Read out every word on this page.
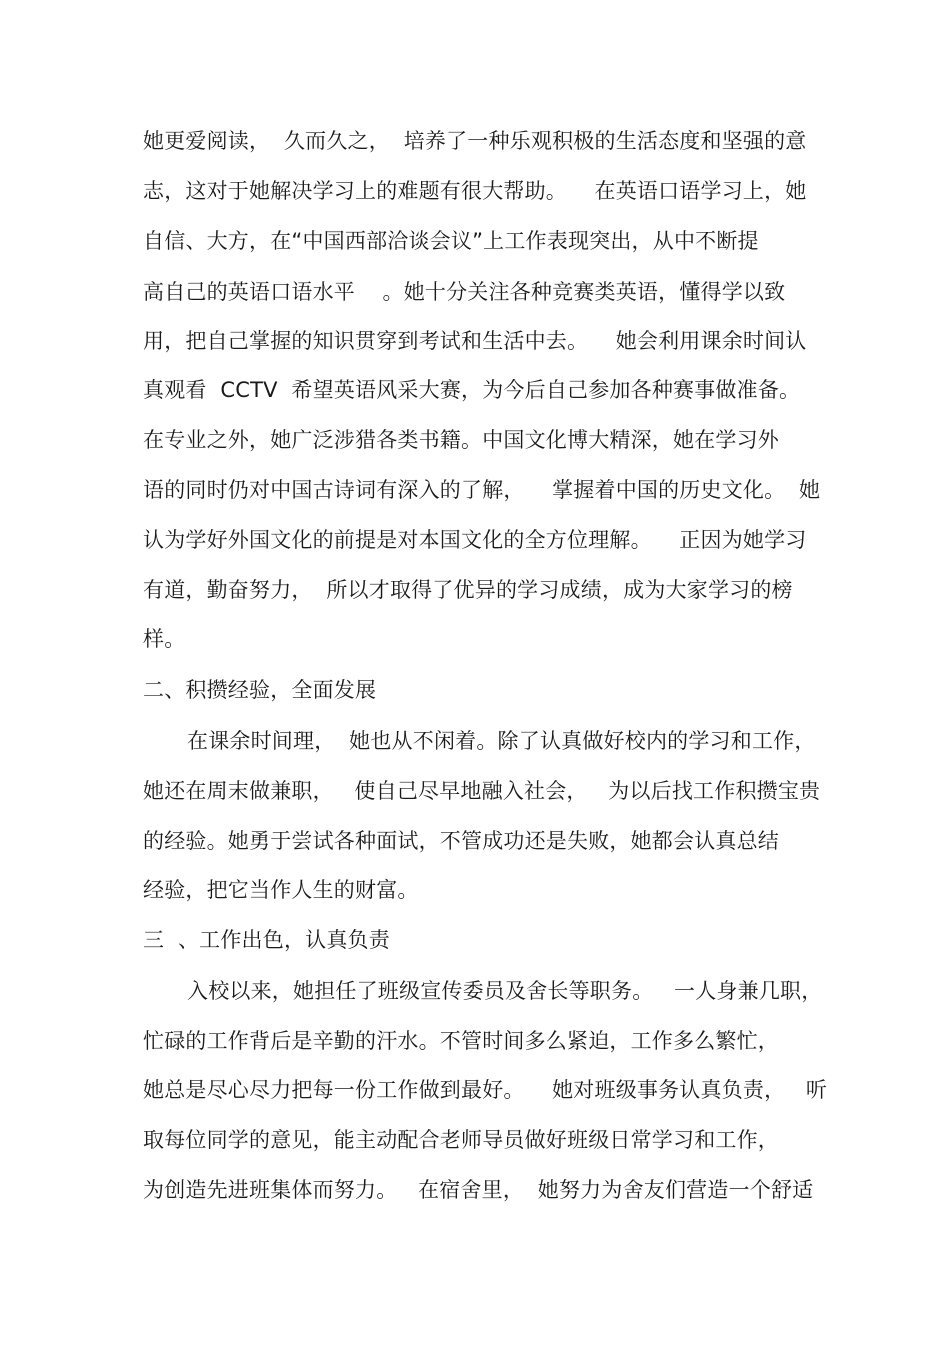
她更爱阅读，  久而久之，  培养了一种乐观积极的生活态度和坚强的意
志，这对于她解决学习上的难题有很大帮助。    在英语口语学习上，她
自信、大方，在“中国西部洽谈会议”上工作表现突出，从中不断提
高自己的英语口语水平    。她十分关注各种竞赛类英语，懂得学以致
用，把自己掌握的知识贯穿到考试和生活中去。    她会利用课余时间认
真观看  CCTV  希望英语风采大赛，为今后自己参加各种赛事做准备。
在专业之外，她广泛涉猎各类书籍。中国文化博大精深，她在学习外
语的同时仍对中国古诗词有深入的了解，    掌握着中国的历史文化。  她
认为学好外国文化的前提是对本国文化的全方位理解。    正因为她学习
有道，勤奋努力，  所以才取得了优异的学习成绩，成为大家学习的榜
样。
二、积攒经验，全面发展
在课余时间理，  她也从不闲着。除了认真做好校内的学习和工作，
她还在周末做兼职，   使自己尽早地融入社会，   为以后找工作积攒宝贵
的经验。她勇于尝试各种面试，不管成功还是失败，她都会认真总结
经验，把它当作人生的财富。
三  、工作出色，认真负责
入校以来，她担任了班级宣传委员及舍长等职务。   一人身兼几职，
忙碌的工作背后是辛勤的汗水。不管时间多么紧迫，工作多么繁忙，
她总是尽心尽力把每一份工作做到最好。    她对班级事务认真负责，   听
取每位同学的意见，能主动配合老师导员做好班级日常学习和工作，
为创造先进班集体而努力。   在宿舍里，  她努力为舍友们营造一个舒适
